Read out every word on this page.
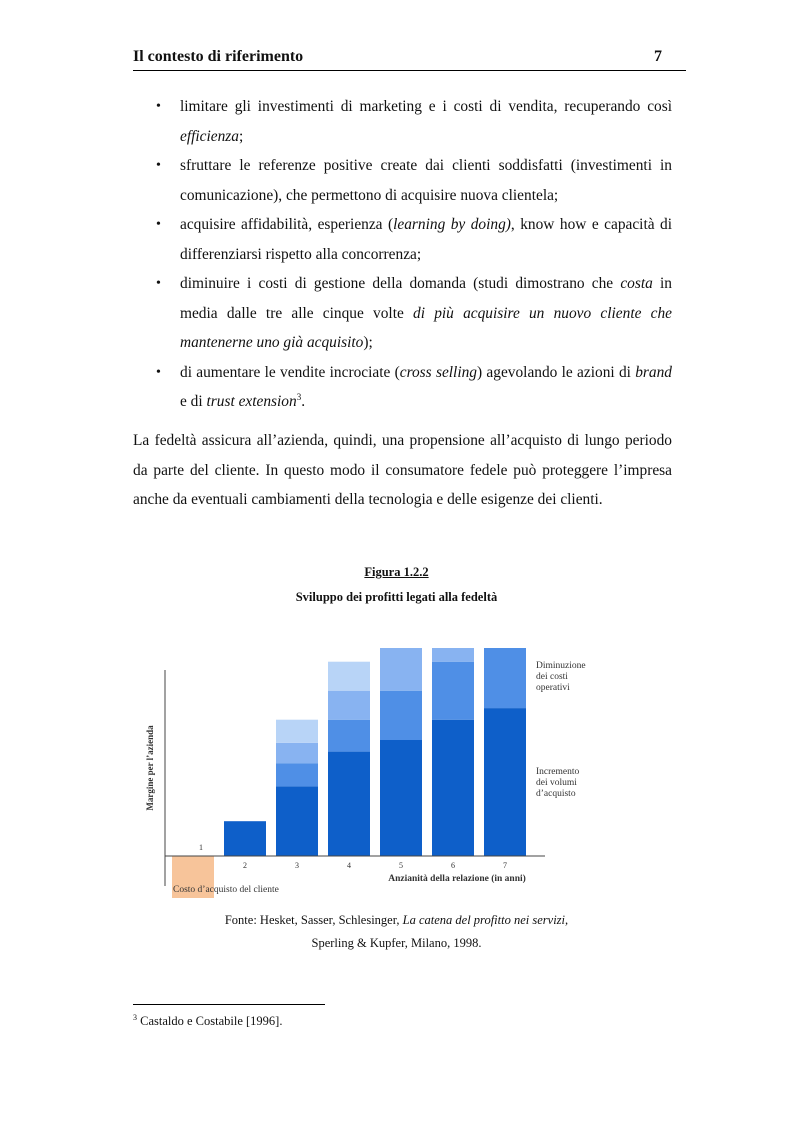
Il contesto di riferimento	7
• limitare gli investimenti di marketing e i costi di vendita, recuperando così efficienza;
• sfruttare le referenze positive create dai clienti soddisfatti (investimenti in comunicazione), che permettono di acquisire nuova clientela;
• acquisire affidabilità, esperienza (learning by doing), know how e capacità di differenziarsi rispetto alla concorrenza;
• diminuire i costi di gestione della domanda (studi dimostrano che costa in media dalle tre alle cinque volte di più acquisire un nuovo cliente che mantenerne uno già acquisito);
• di aumentare le vendite incrociate (cross selling) agevolando le azioni di brand e di trust extension$^3$.

La fedeltà assicura all’azienda, quindi, una propensione all’acquisto di lungo periodo da parte del cliente. In questo modo il consumatore fedele può proteggere l’impresa anche da eventuali cambiamenti della tecnologia e delle esigenze dei clienti.

Figura 1.2.2
Sviluppo dei profitti legati alla fedeltà
1
2	3	4	5	6	7
Margine per l’azienda
Anzianità della relazione (in anni)
Costo d’acquisto del cliente
Incremento
dei volumi
d’acquisto
Diminuzione
dei costi
operativi
Fonte: Hesket, Sasser, Schlesinger, La catena del profitto nei servizi,
Sperling & Kupfer, Milano, 1998.
$^3$ Castaldo e Costabile [1996].
